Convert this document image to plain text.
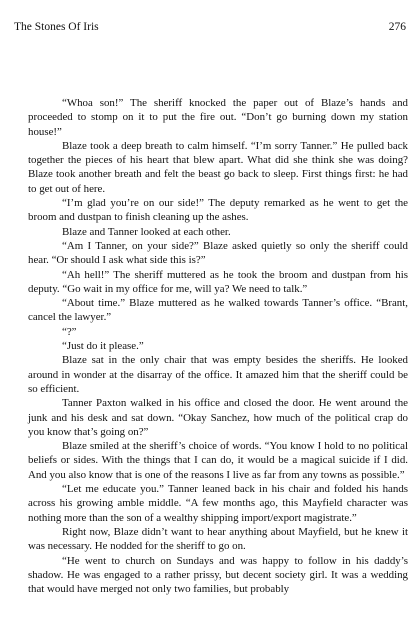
The Stones Of Iris	276

“Whoa son!” The sheriff knocked the paper out of Blaze’s hands and proceeded to stomp on it to put the fire out. “Don’t go burning down my station house!”

Blaze took a deep breath to calm himself. “I’m sorry Tanner.” He pulled back together the pieces of his heart that blew apart. What did she think she was doing? Blaze took another breath and felt the beast go back to sleep. First things first: he had to get out of here.

“I’m glad you’re on our side!” The deputy remarked as he went to get the broom and dustpan to finish cleaning up the ashes.

Blaze and Tanner looked at each other.

“Am I Tanner, on your side?” Blaze asked quietly so only the sheriff could hear. “Or should I ask what side this is?”

“Ah hell!” The sheriff muttered as he took the broom and dustpan from his deputy. “Go wait in my office for me, will ya? We need to talk.”

“About time.” Blaze muttered as he walked towards Tanner’s office. “Brant, cancel the lawyer.”

“?”

“Just do it please.”

Blaze sat in the only chair that was empty besides the sheriffs. He looked around in wonder at the disarray of the office. It amazed him that the sheriff could be so efficient.

Tanner Paxton walked in his office and closed the door. He went around the junk and his desk and sat down. “Okay Sanchez, how much of the political crap do you know that’s going on?”

Blaze smiled at the sheriff’s choice of words. “You know I hold to no political beliefs or sides. With the things that I can do, it would be a magical suicide if I did. And you also know that is one of the reasons I live as far from any towns as possible.”

“Let me educate you.” Tanner leaned back in his chair and folded his hands across his growing amble middle. “A few months ago, this Mayfield character was nothing more than the son of a wealthy shipping import/export magistrate.”

Right now, Blaze didn’t want to hear anything about Mayfield, but he knew it was necessary. He nodded for the sheriff to go on.

“He went to church on Sundays and was happy to follow in his daddy’s shadow. He was engaged to a rather prissy, but decent society girl. It was a wedding that would have merged not only two families, but probably
